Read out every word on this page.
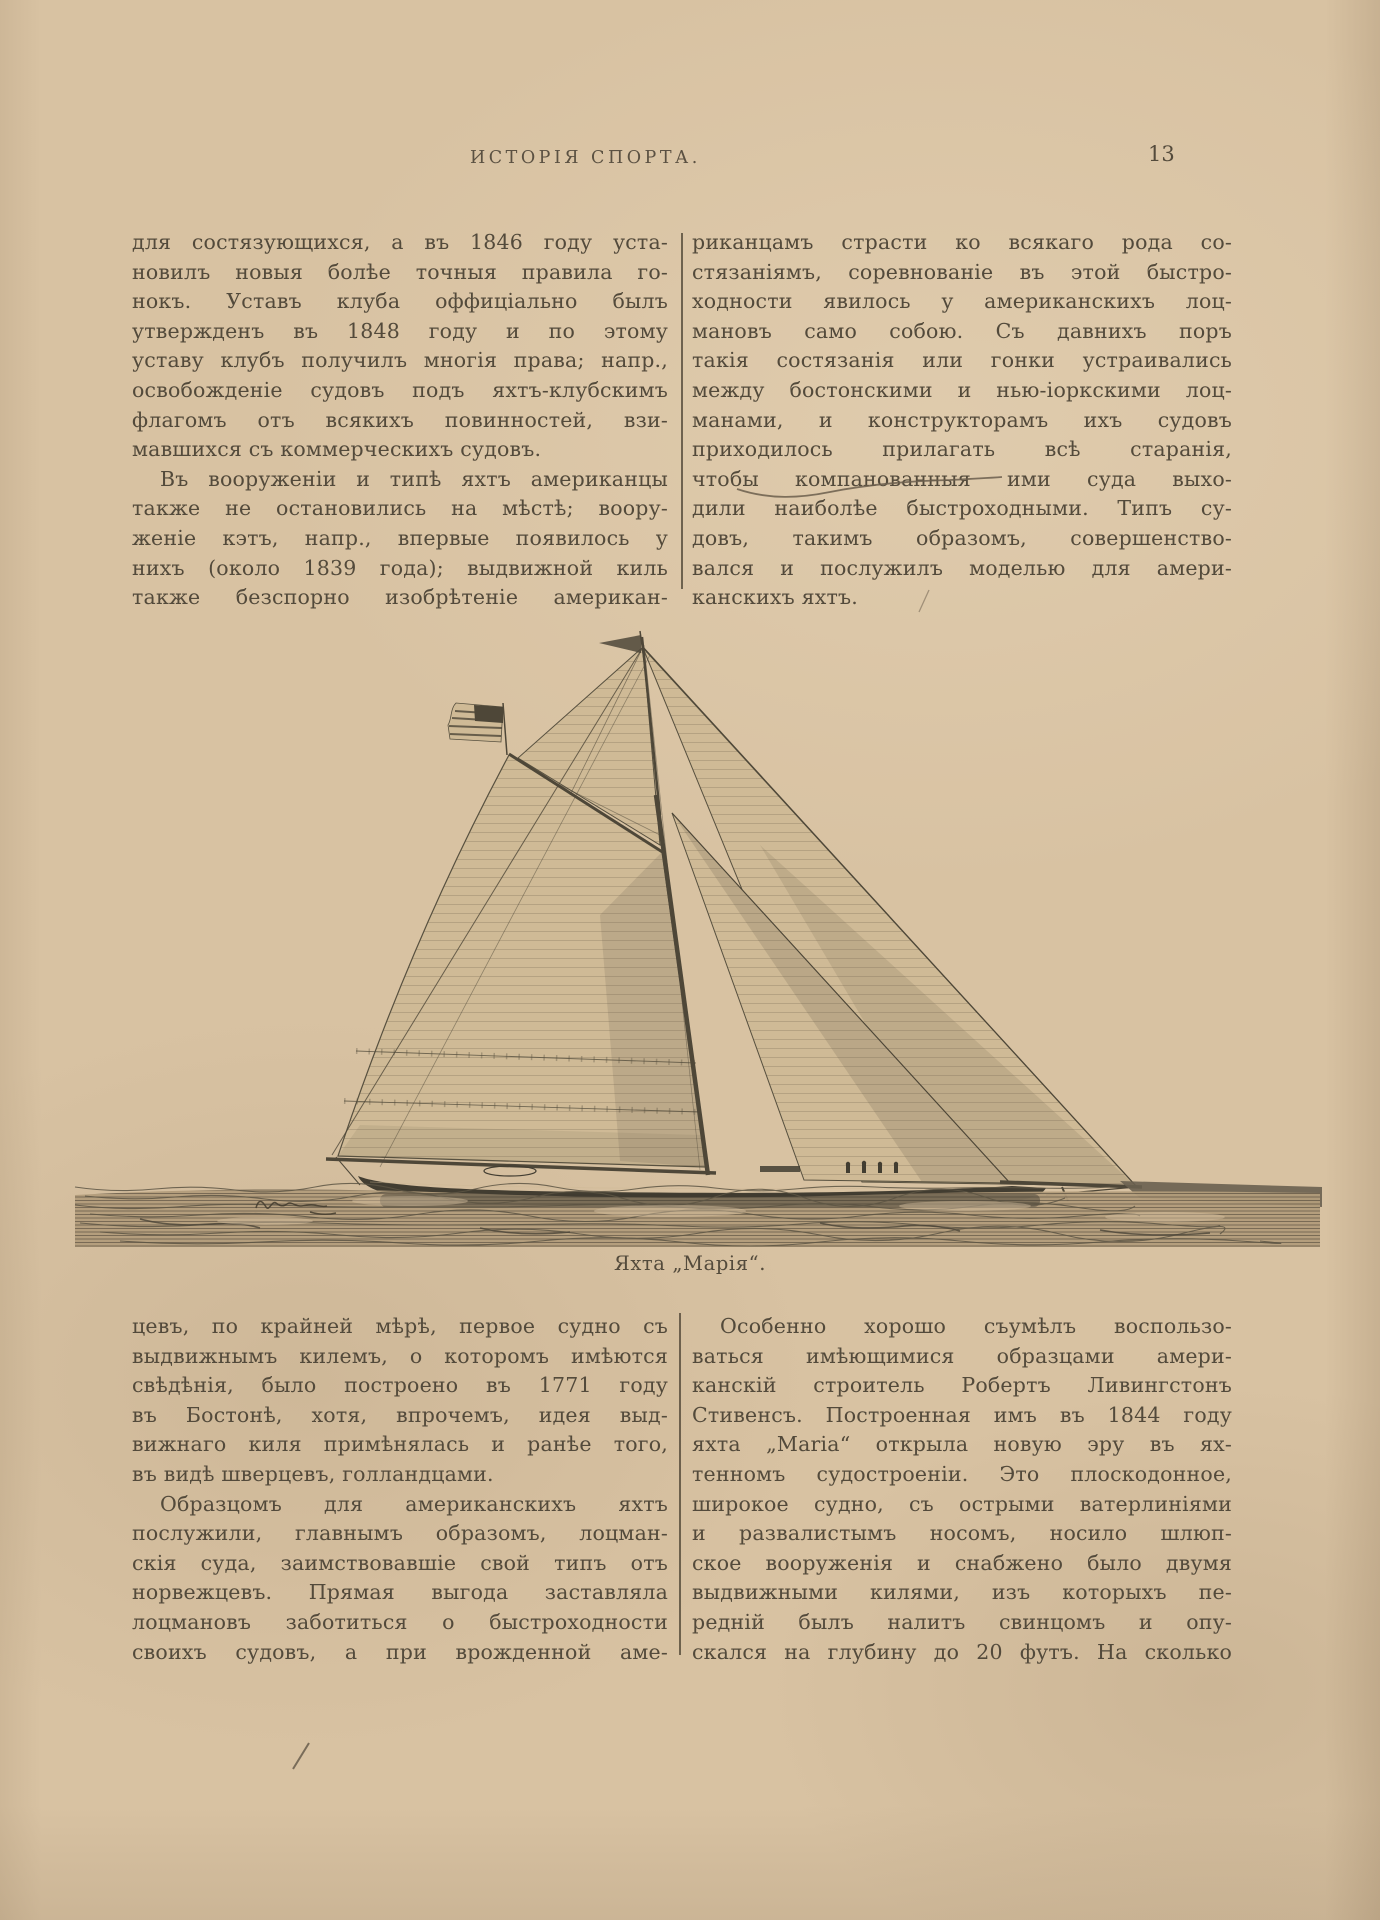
ИСТОРІЯ СПОРТА.	13
для состязующихся, а въ 1846 году уста-
новилъ новыя болѣе точныя правила го-
нокъ. Уставъ клуба оффиціально былъ
утвержденъ въ 1848 году и по этому
уставу клубъ получилъ многія права; напр.,
освобожденіе судовъ подъ яхтъ-клубскимъ
флагомъ отъ всякихъ повинностей, взи-
мавшихся съ коммерческихъ судовъ.
Въ вооруженіи и типѣ яхтъ американцы
также не остановились на мѣстѣ; воору-
женіе кэтъ, напр., впервые появилось у
нихъ (около 1839 года); выдвижной киль
также безспорно изобрѣтеніе американ-
риканцамъ страсти ко всякаго рода со-
стязаніямъ, соревнованіе въ этой быстро-
ходности явилось у американскихъ лоц-
мановъ само собою. Съ давнихъ поръ
такія состязанія или гонки устраивались
между бостонскими и нью-іоркскими лоц-
манами, и конструкторамъ ихъ судовъ
приходилось прилагать всѣ старанія,
чтобы компанованныя ими суда выхо-
дили наиболѣе быстроходными. Типъ су-
довъ, такимъ образомъ, совершенство-
вался и послужилъ моделью для амери-
канскихъ яхтъ.
Яхта „Марія“.
цевъ, по крайней мѣрѣ, первое судно съ
выдвижнымъ килемъ, о которомъ имѣются
свѣдѣнія, было построено въ 1771 году
въ Бостонѣ, хотя, впрочемъ, идея выд-
вижнаго киля примѣнялась и ранѣе того,
въ видѣ шверцевъ, голландцами.
Образцомъ для американскихъ яхтъ
послужили, главнымъ образомъ, лоцман-
скія суда, заимствовавшіе свой типъ отъ
норвежцевъ. Прямая выгода заставляла
лоцмановъ заботиться о быстроходности
своихъ судовъ, а при врожденной аме-
Особенно хорошо съумѣлъ воспользо-
ваться имѣющимися образцами амери-
канскій строитель Робертъ Ливингстонъ
Стивенсъ. Построенная имъ въ 1844 году
яхта „Maria“ открыла новую эру въ ях-
тенномъ судостроеніи. Это плоскодонное,
широкое судно, съ острыми ватерлиніями
и развалистымъ носомъ, носило шлюп-
ское вооруженія и снабжено было двумя
выдвижными килями, изъ которыхъ пе-
редній былъ налитъ свинцомъ и опу-
скался на глубину до 20 футъ. На сколько
